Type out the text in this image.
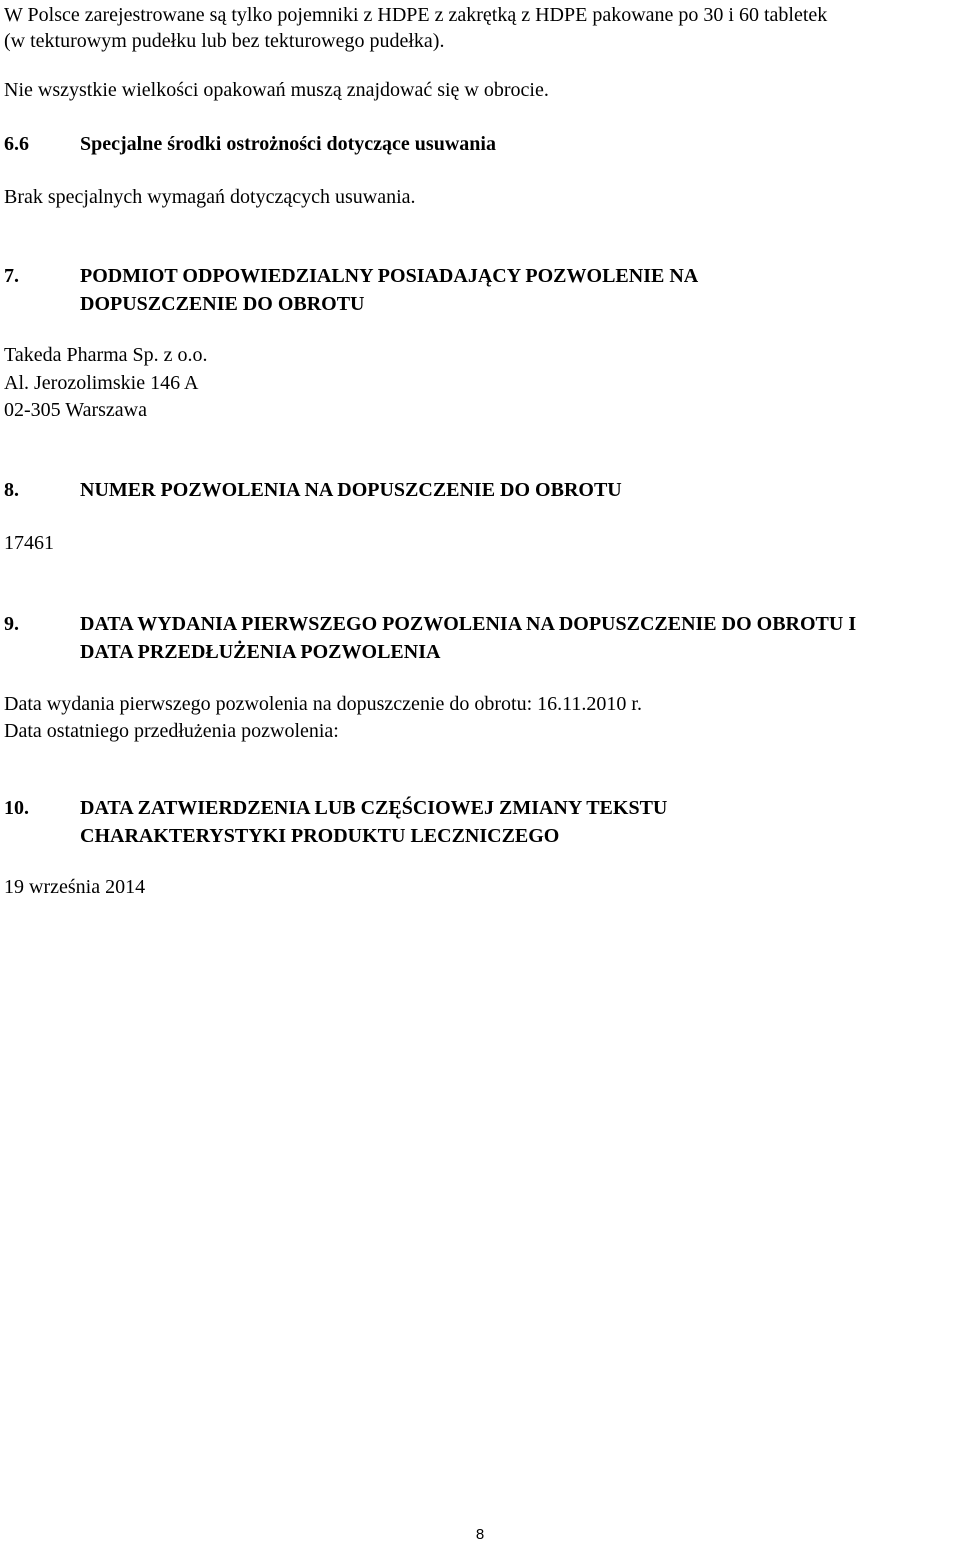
W Polsce zarejestrowane są tylko pojemniki z HDPE z zakrętką z HDPE pakowane po 30 i 60 tabletek
(w tekturowym pudełku lub bez tekturowego pudełka).
Nie wszystkie wielkości opakowań muszą znajdować się w obrocie.
6.6	Specjalne środki ostrożności dotyczące usuwania
Brak specjalnych wymagań dotyczących usuwania.
7.	PODMIOT ODPOWIEDZIALNY POSIADAJĄCY POZWOLENIE NA DOPUSZCZENIE DO OBROTU
Takeda Pharma Sp. z o.o.
Al. Jerozolimskie 146 A
02-305 Warszawa
8.	NUMER POZWOLENIA NA DOPUSZCZENIE DO OBROTU
17461
9.	DATA WYDANIA PIERWSZEGO POZWOLENIA NA DOPUSZCZENIE DO OBROTU I DATA PRZEDŁUŻENIA POZWOLENIA
Data wydania pierwszego pozwolenia na dopuszczenie do obrotu: 16.11.2010 r.
Data ostatniego przedłużenia pozwolenia:
10.	DATA ZATWIERDZENIA LUB CZĘŚCIOWEJ ZMIANY TEKSTU CHARAKTERYSTYKI PRODUKTU LECZNICZEGO
19 września 2014
8
